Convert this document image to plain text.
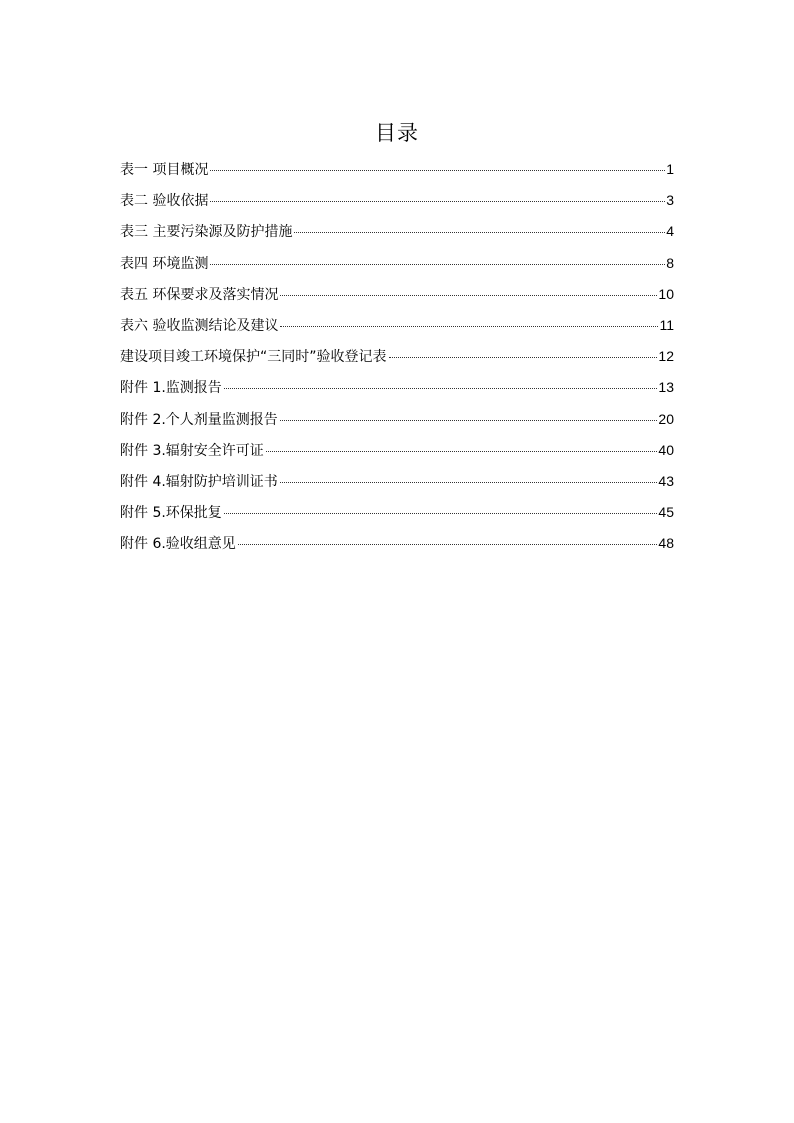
目录
表一 项目概况	1
表二 验收依据	3
表三 主要污染源及防护措施	4
表四 环境监测	8
表五 环保要求及落实情况	10
表六 验收监测结论及建议	11
建设项目竣工环境保护“三同时”验收登记表	12
附件 1.监测报告	13
附件 2.个人剂量监测报告	20
附件 3.辐射安全许可证	40
附件 4.辐射防护培训证书	43
附件 5.环保批复	45
附件 6.验收组意见	48
